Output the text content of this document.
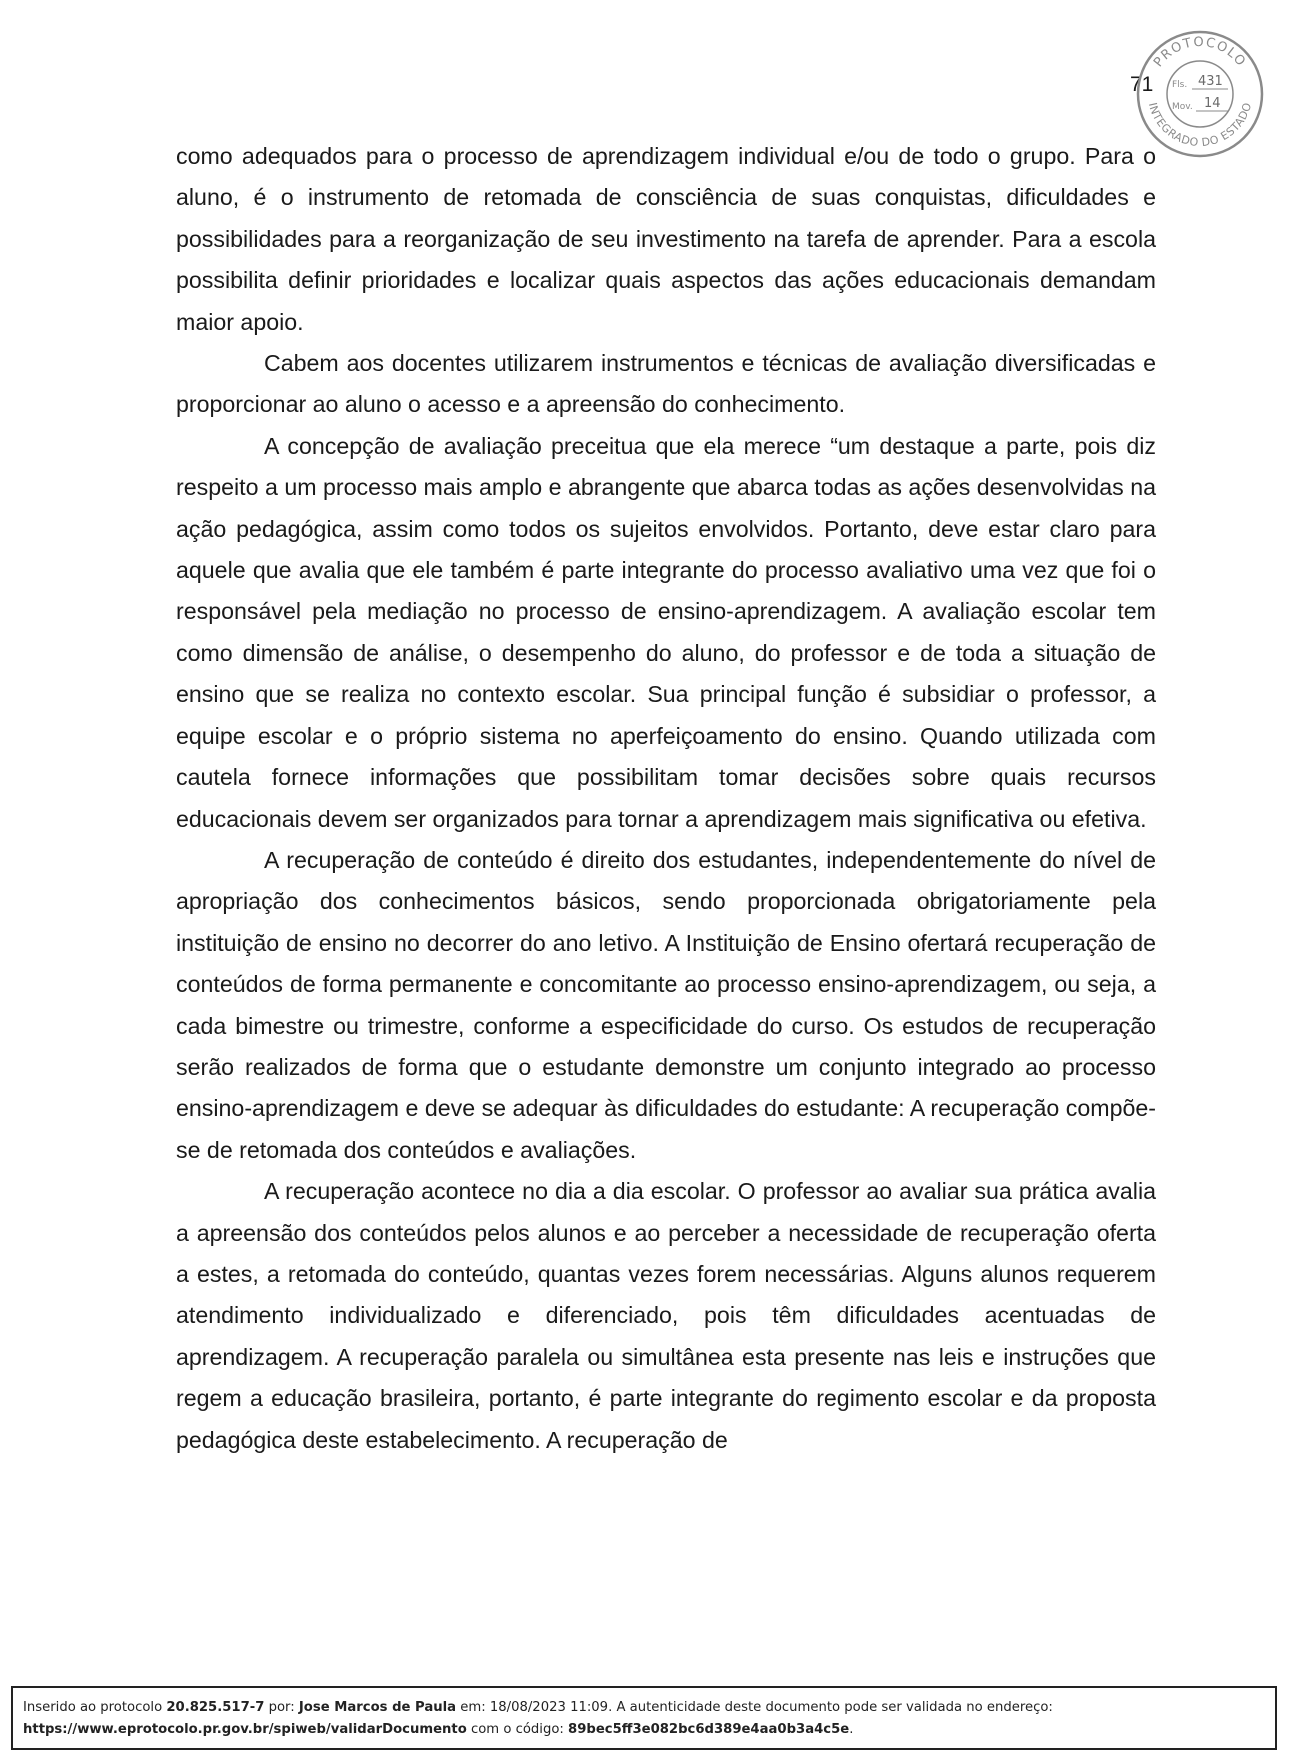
71
PROTOCOLO
INTEGRADO DO ESTADO
Fls. 431
Mov. 14

como adequados para o processo de aprendizagem individual e/ou de todo o grupo. Para o aluno, é o instrumento de retomada de consciência de suas conquistas, dificuldades e possibilidades para a reorganização de seu investimento na tarefa de aprender. Para a escola possibilita definir prioridades e localizar quais aspectos das ações educacionais demandam maior apoio.

Cabem aos docentes utilizarem instrumentos e técnicas de avaliação diversificadas e proporcionar ao aluno o acesso e a apreensão do conhecimento.

A concepção de avaliação preceitua que ela merece “um destaque a parte, pois diz respeito a um processo mais amplo e abrangente que abarca todas as ações desenvolvidas na ação pedagógica, assim como todos os sujeitos envolvidos. Portanto, deve estar claro para aquele que avalia que ele também é parte integrante do processo avaliativo uma vez que foi o responsável pela mediação no processo de ensino-aprendizagem. A avaliação escolar tem como dimensão de análise, o desempenho do aluno, do professor e de toda a situação de ensino que se realiza no contexto escolar. Sua principal função é subsidiar o professor, a equipe escolar e o próprio sistema no aperfeiçoamento do ensino. Quando utilizada com cautela fornece informações que possibilitam tomar decisões sobre quais recursos educacionais devem ser organizados para tornar a aprendizagem mais significativa ou efetiva.

A recuperação de conteúdo é direito dos estudantes, independentemente do nível de apropriação dos conhecimentos básicos, sendo proporcionada obrigatoriamente pela instituição de ensino no decorrer do ano letivo. A Instituição de Ensino ofertará recuperação de conteúdos de forma permanente e concomitante ao processo ensino-aprendizagem, ou seja, a cada bimestre ou trimestre, conforme a especificidade do curso. Os estudos de recuperação serão realizados de forma que o estudante demonstre um conjunto integrado ao processo ensino-aprendizagem e deve se adequar às dificuldades do estudante: A recuperação compõe-se de retomada dos conteúdos e avaliações.

A recuperação acontece no dia a dia escolar. O professor ao avaliar sua prática avalia a apreensão dos conteúdos pelos alunos e ao perceber a necessidade de recuperação oferta a estes, a retomada do conteúdo, quantas vezes forem necessárias. Alguns alunos requerem atendimento individualizado e diferenciado, pois têm dificuldades acentuadas de aprendizagem. A recuperação paralela ou simultânea esta presente nas leis e instruções que regem a educação brasileira, portanto, é parte integrante do regimento escolar e da proposta pedagógica deste estabelecimento. A recuperação de

Inserido ao protocolo 20.825.517-7 por: Jose Marcos de Paula em: 18/08/2023 11:09. A autenticidade deste documento pode ser validada no endereço:
https://www.eprotocolo.pr.gov.br/spiweb/validarDocumento com o código: 89bec5ff3e082bc6d389e4aa0b3a4c5e.
